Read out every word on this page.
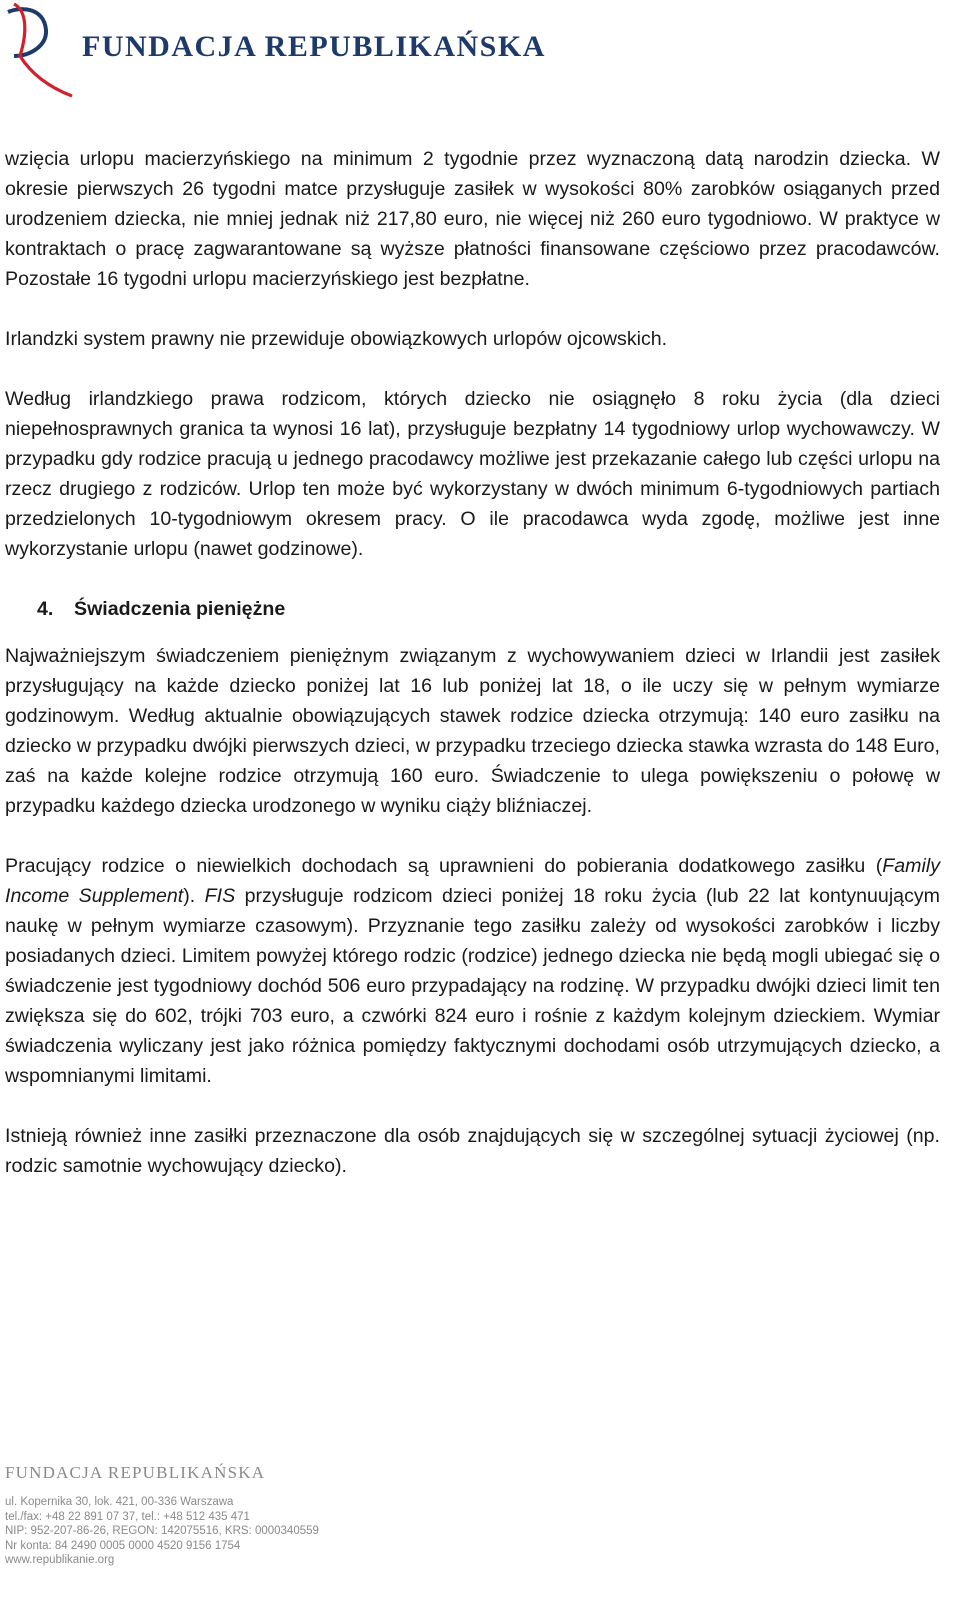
FUNDACJA REPUBLIKAŃSKA

wzięcia urlopu macierzyńskiego na minimum 2 tygodnie przez wyznaczoną datą narodzin dziecka. W okresie pierwszych 26 tygodni matce przysługuje zasiłek w wysokości 80% zarobków osiąganych przed urodzeniem dziecka, nie mniej jednak niż 217,80 euro, nie więcej niż 260 euro tygodniowo. W praktyce w kontraktach o pracę zagwarantowane są wyższe płatności finansowane częściowo przez pracodawców. Pozostałe 16 tygodni urlopu macierzyńskiego jest bezpłatne.

Irlandzki system prawny nie przewiduje obowiązkowych urlopów ojcowskich.

Według irlandzkiego prawa rodzicom, których dziecko nie osiągnęło 8 roku życia (dla dzieci niepełnosprawnych granica ta wynosi 16 lat), przysługuje bezpłatny 14 tygodniowy urlop wychowawczy. W przypadku gdy rodzice pracują u jednego pracodawcy możliwe jest przekazanie całego lub części urlopu na rzecz drugiego z rodziców. Urlop ten może być wykorzystany w dwóch minimum 6-tygodniowych partiach przedzielonych 10-tygodniowym okresem pracy. O ile pracodawca wyda zgodę, możliwe jest inne wykorzystanie urlopu (nawet godzinowe).

4. Świadczenia pieniężne

Najważniejszym świadczeniem pieniężnym związanym z wychowywaniem dzieci w Irlandii jest zasiłek przysługujący na każde dziecko poniżej lat 16 lub poniżej lat 18, o ile uczy się w pełnym wymiarze godzinowym. Według aktualnie obowiązujących stawek rodzice dziecka otrzymują: 140 euro zasiłku na dziecko w przypadku dwójki pierwszych dzieci, w przypadku trzeciego dziecka stawka wzrasta do 148 Euro, zaś na każde kolejne rodzice otrzymują 160 euro. Świadczenie to ulega powiększeniu o połowę w przypadku każdego dziecka urodzonego w wyniku ciąży bliźniaczej.

Pracujący rodzice o niewielkich dochodach są uprawnieni do pobierania dodatkowego zasiłku (Family Income Supplement). FIS przysługuje rodzicom dzieci poniżej 18 roku życia (lub 22 lat kontynuującym naukę w pełnym wymiarze czasowym). Przyznanie tego zasiłku zależy od wysokości zarobków i liczby posiadanych dzieci. Limitem powyżej którego rodzic (rodzice) jednego dziecka nie będą mogli ubiegać się o świadczenie jest tygodniowy dochód 506 euro przypadający na rodzinę. W przypadku dwójki dzieci limit ten zwiększa się do 602, trójki 703 euro, a czwórki 824 euro i rośnie z każdym kolejnym dzieckiem. Wymiar świadczenia wyliczany jest jako różnica pomiędzy faktycznymi dochodami osób utrzymujących dziecko, a wspomnianymi limitami.

Istnieją również inne zasiłki przeznaczone dla osób znajdujących się w szczególnej sytuacji życiowej (np. rodzic samotnie wychowujący dziecko).

FUNDACJA REPUBLIKAŃSKA
ul. Kopernika 30, lok. 421, 00-336 Warszawa
tel./fax: +48 22 891 07 37, tel.: +48 512 435 471
NIP: 952-207-86-26, REGON: 142075516, KRS: 0000340559
Nr konta: 84 2490 0005 0000 4520 9156 1754
www.republikanie.org
